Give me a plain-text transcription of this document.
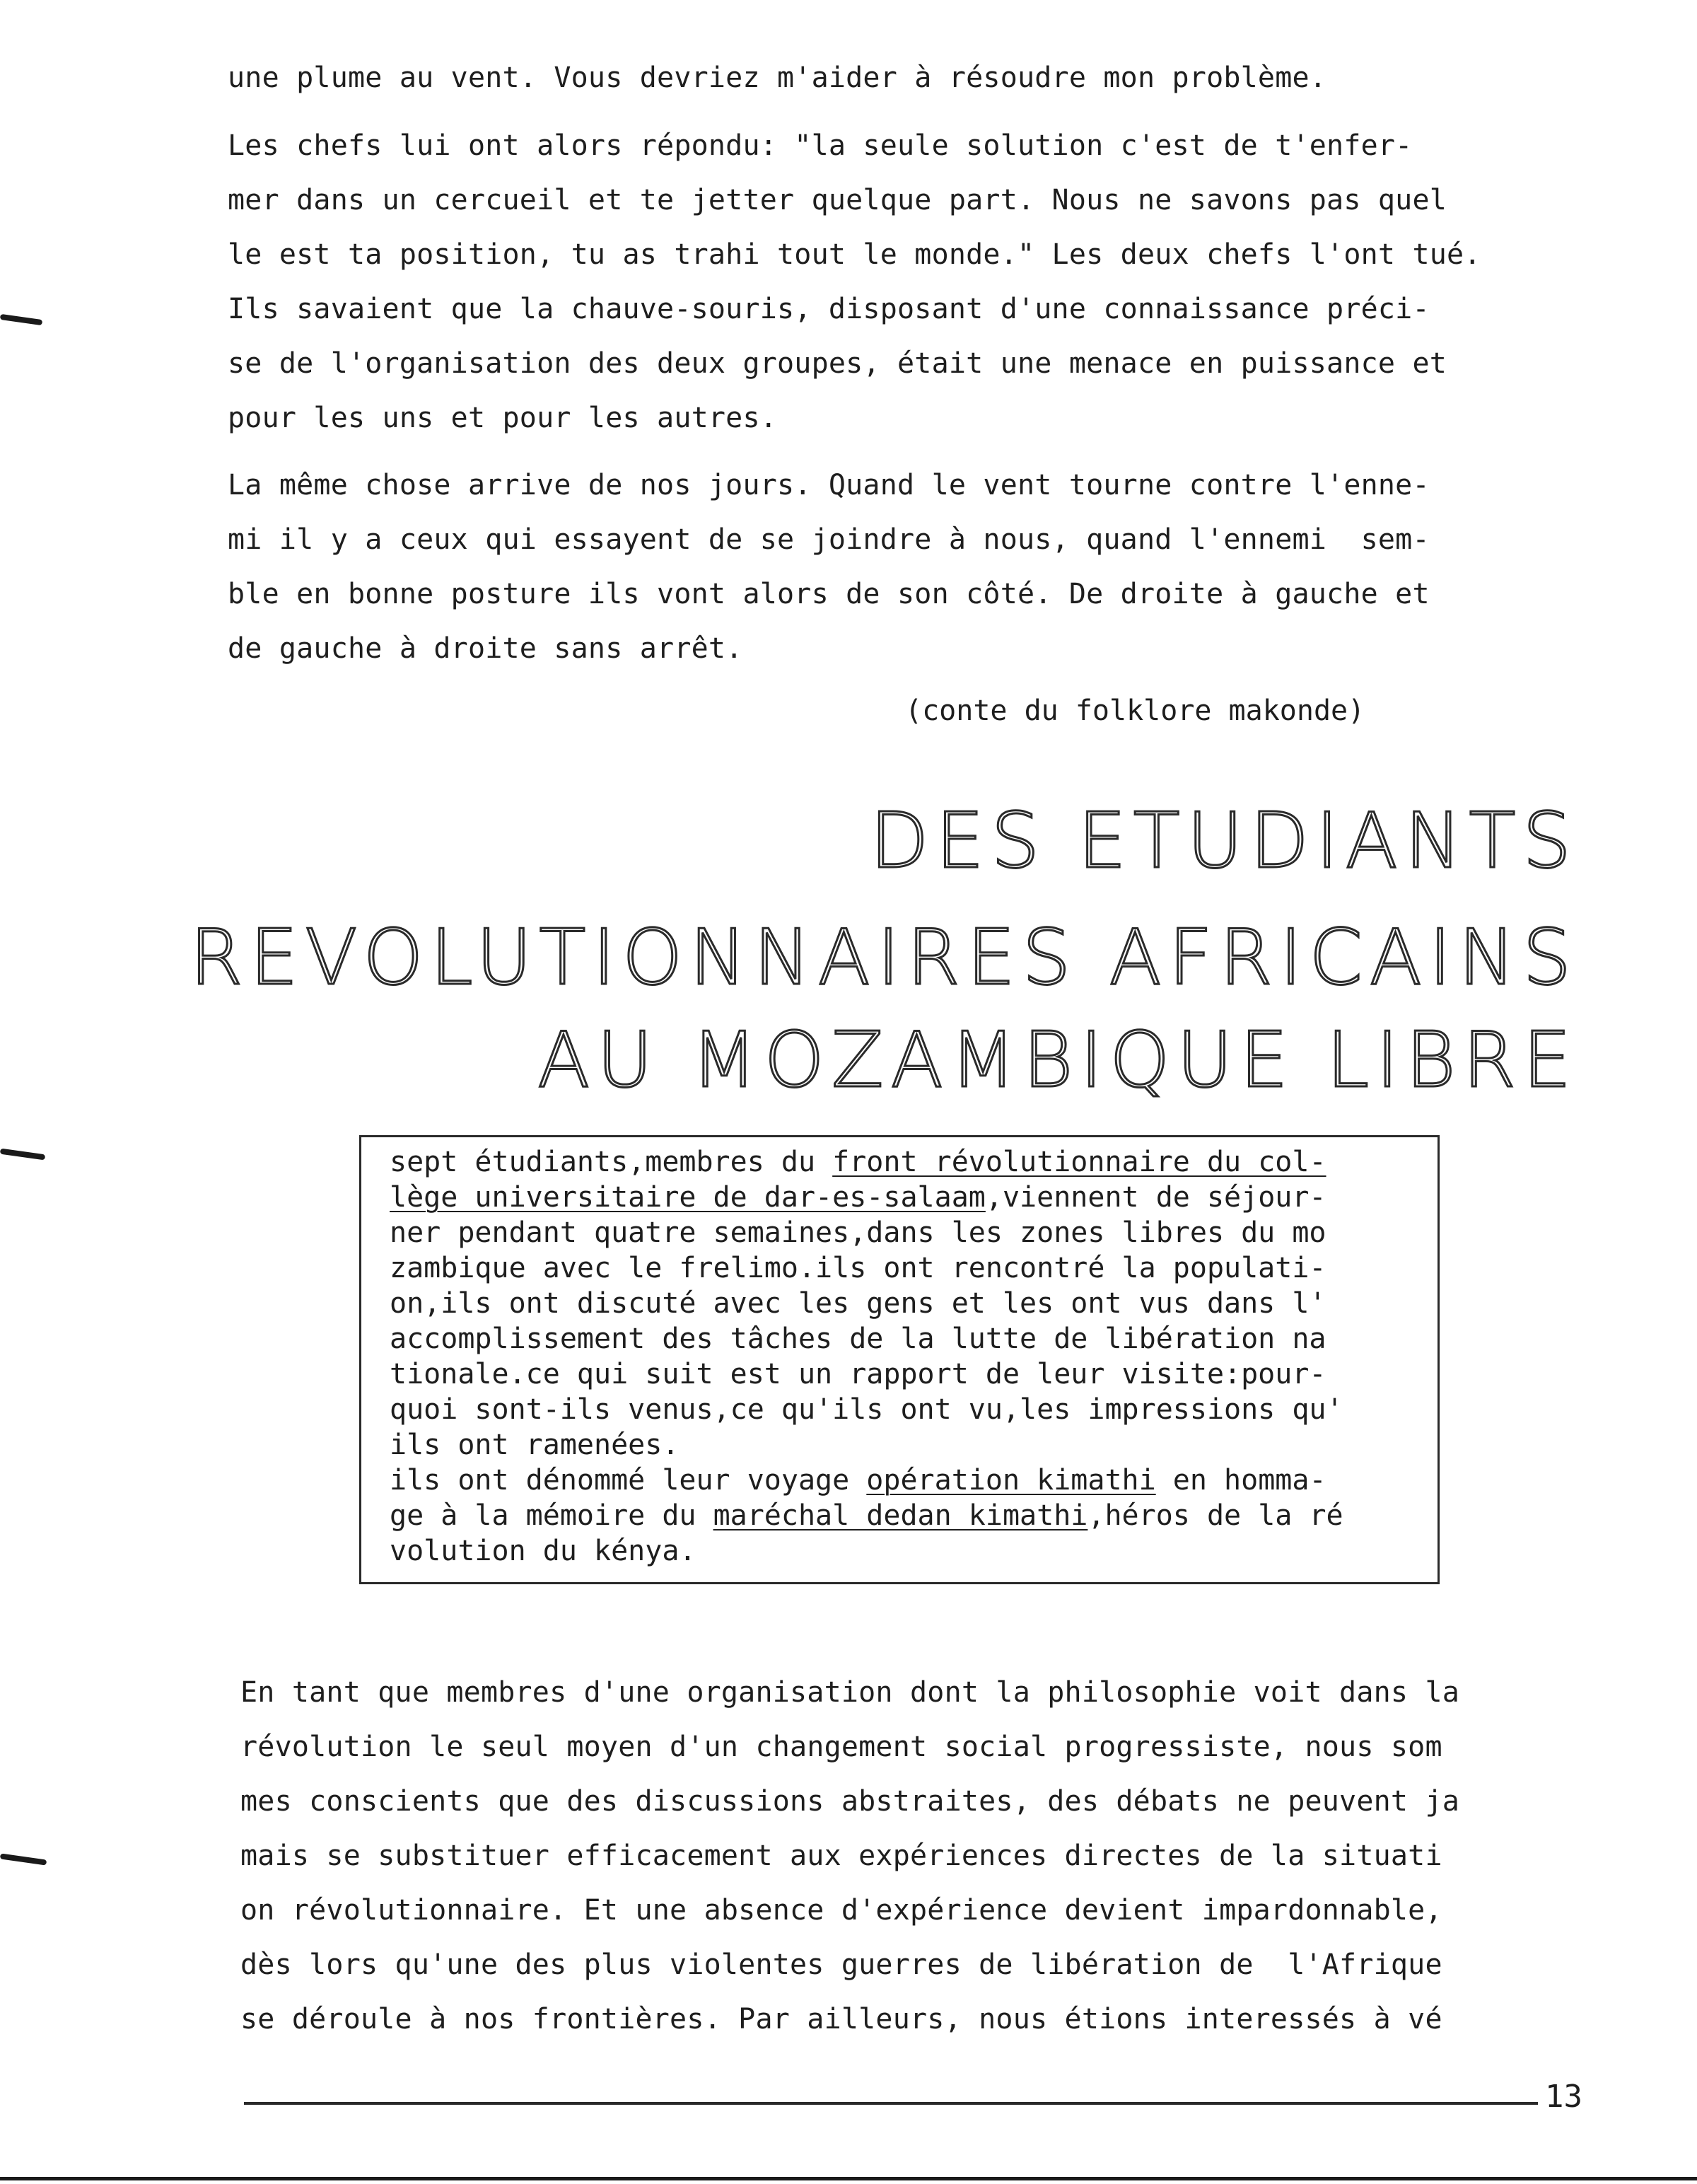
une plume au vent. Vous devriez m'aider à résoudre mon problème.
Les chefs lui ont alors répondu: "la seule solution c'est de t'enfer-
mer dans un cercueil et te jetter quelque part. Nous ne savons pas quel
le est ta position, tu as trahi tout le monde." Les deux chefs l'ont tué.
Ils savaient que la chauve-souris, disposant d'une connaissance préci-
se de l'organisation des deux groupes, était une menace en puissance et
pour les uns et pour les autres.
La même chose arrive de nos jours. Quand le vent tourne contre l'enne-
mi il y a ceux qui essayent de se joindre à nous, quand l'ennemi  sem-
ble en bonne posture ils vont alors de son côté. De droite à gauche et
de gauche à droite sans arrêt.
(conte du folklore makonde)
DES ETUDIANTS
REVOLUTIONNAIRES AFRICAINS
AU MOZAMBIQUE LIBRE
sept étudiants,membres du front révolutionnaire du col-
lège universitaire de dar-es-salaam,viennent de séjour-
ner pendant quatre semaines,dans les zones libres du mo
zambique avec le frelimo.ils ont rencontré la populati-
on,ils ont discuté avec les gens et les ont vus dans l'
accomplissement des tâches de la lutte de libération na
tionale.ce qui suit est un rapport de leur visite:pour-
quoi sont-ils venus,ce qu'ils ont vu,les impressions qu'
ils ont ramenées.
ils ont dénommé leur voyage opération kimathi en homma-
ge à la mémoire du maréchal dedan kimathi,héros de la ré
volution du kénya.
En tant que membres d'une organisation dont la philosophie voit dans la
révolution le seul moyen d'un changement social progressiste, nous som
mes conscients que des discussions abstraites, des débats ne peuvent ja
mais se substituer efficacement aux expériences directes de la situati
on révolutionnaire. Et une absence d'expérience devient impardonnable,
dès lors qu'une des plus violentes guerres de libération de  l'Afrique
se déroule à nos frontières. Par ailleurs, nous étions interessés à vé
13
